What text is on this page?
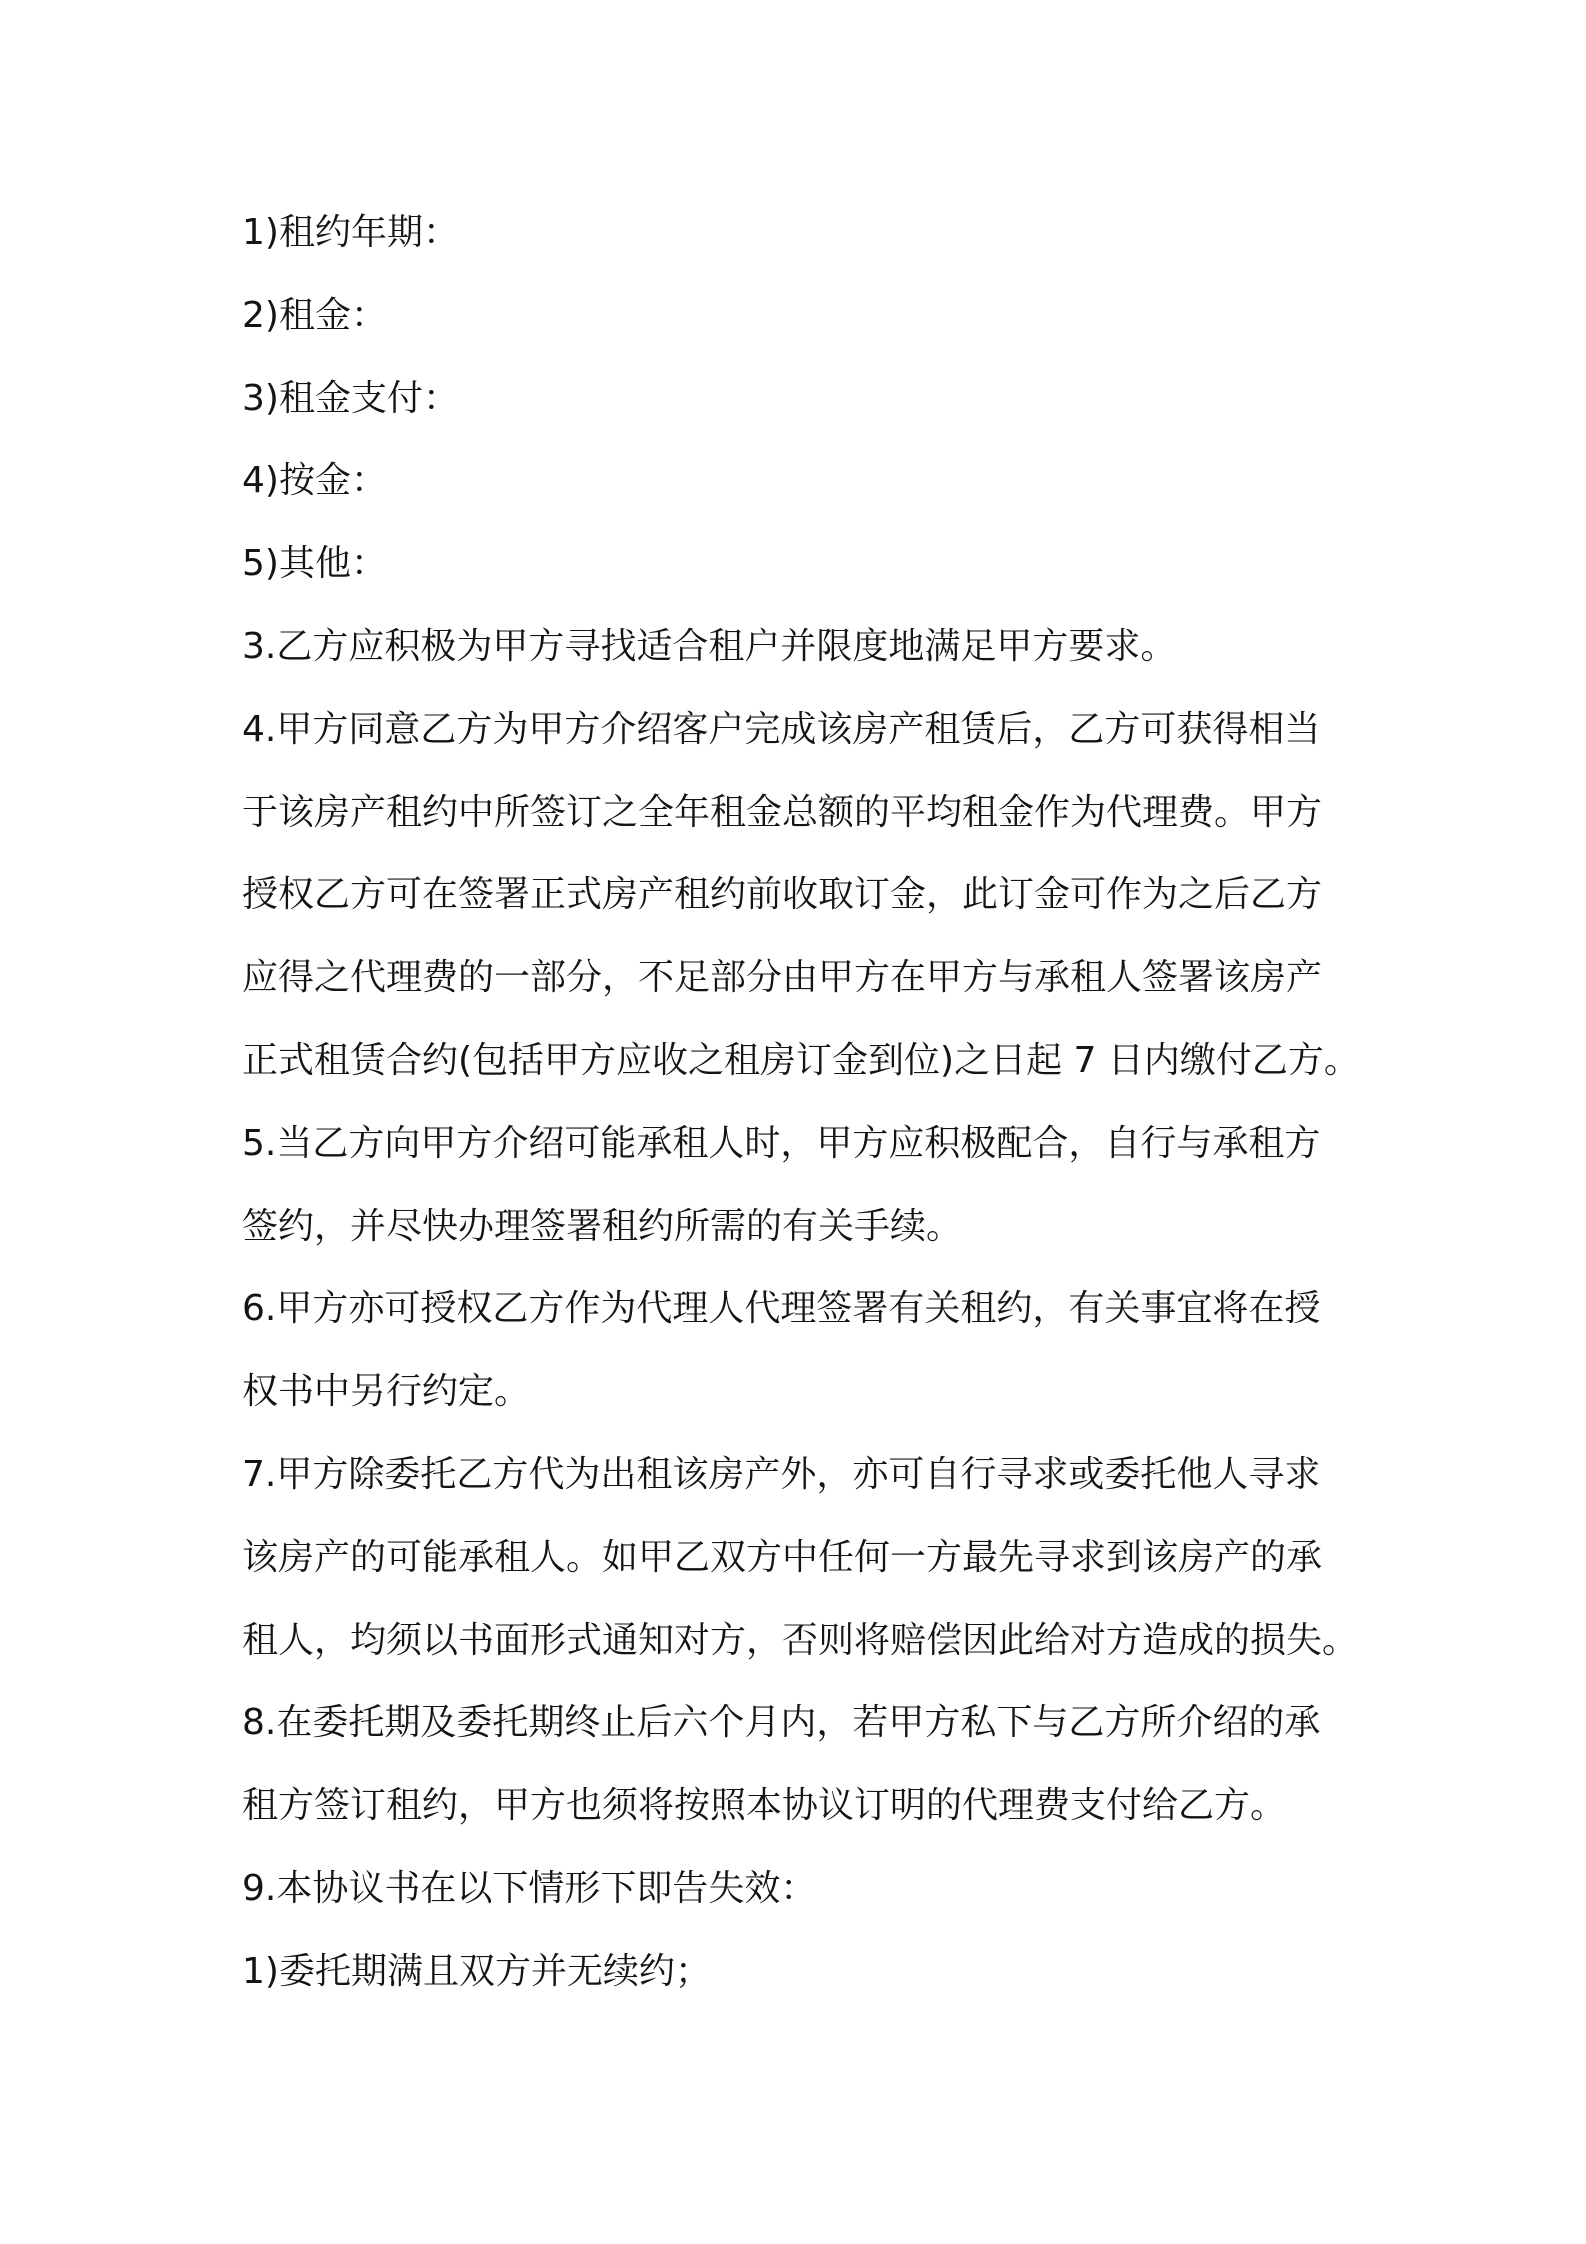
1)租约年期：
2)租金：
3)租金支付：
4)按金：
5)其他：
3.乙方应积极为甲方寻找适合租户并限度地满足甲方要求。
4.甲方同意乙方为甲方介绍客户完成该房产租赁后，乙方可获得相当
于该房产租约中所签订之全年租金总额的平均租金作为代理费。甲方
授权乙方可在签署正式房产租约前收取订金，此订金可作为之后乙方
应得之代理费的一部分，不足部分由甲方在甲方与承租人签署该房产
正式租赁合约(包括甲方应收之租房订金到位)之日起 7 日内缴付乙方。
5.当乙方向甲方介绍可能承租人时，甲方应积极配合，自行与承租方
签约，并尽快办理签署租约所需的有关手续。
6.甲方亦可授权乙方作为代理人代理签署有关租约，有关事宜将在授
权书中另行约定。
7.甲方除委托乙方代为出租该房产外，亦可自行寻求或委托他人寻求
该房产的可能承租人。如甲乙双方中任何一方最先寻求到该房产的承
租人，均须以书面形式通知对方，否则将赔偿因此给对方造成的损失。
8.在委托期及委托期终止后六个月内，若甲方私下与乙方所介绍的承
租方签订租约，甲方也须将按照本协议订明的代理费支付给乙方。
9.本协议书在以下情形下即告失效：
1)委托期满且双方并无续约；
